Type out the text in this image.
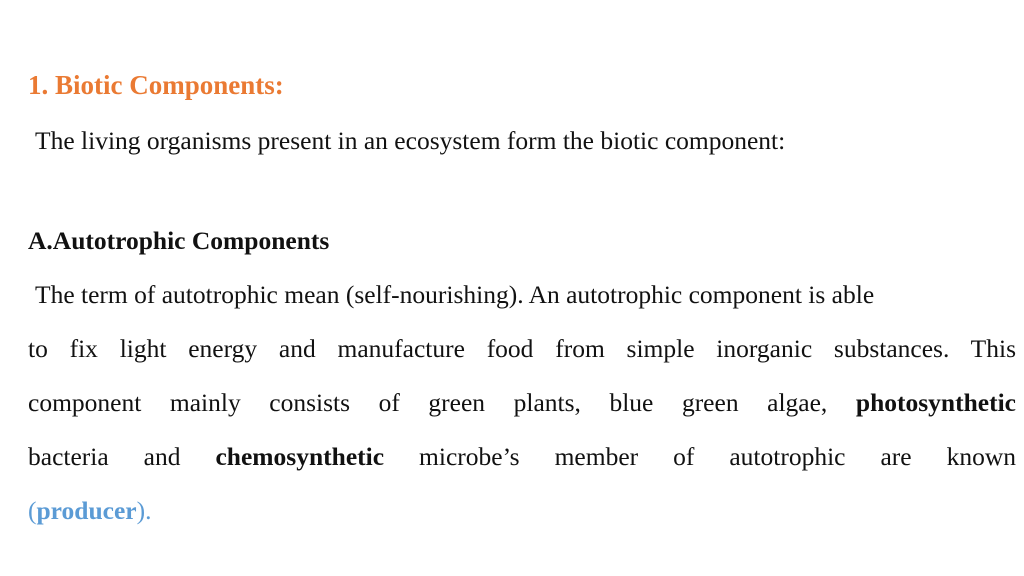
1. Biotic Components:
The living organisms present in an ecosystem form the biotic component:
A.Autotrophic Components
The term of autotrophic mean (self-nourishing). An autotrophic component is able
to fix light energy and manufacture food from simple inorganic substances. This
component mainly consists of green plants, blue green algae, photosynthetic
bacteria and chemosynthetic microbe’s member of autotrophic are known
(producer).
